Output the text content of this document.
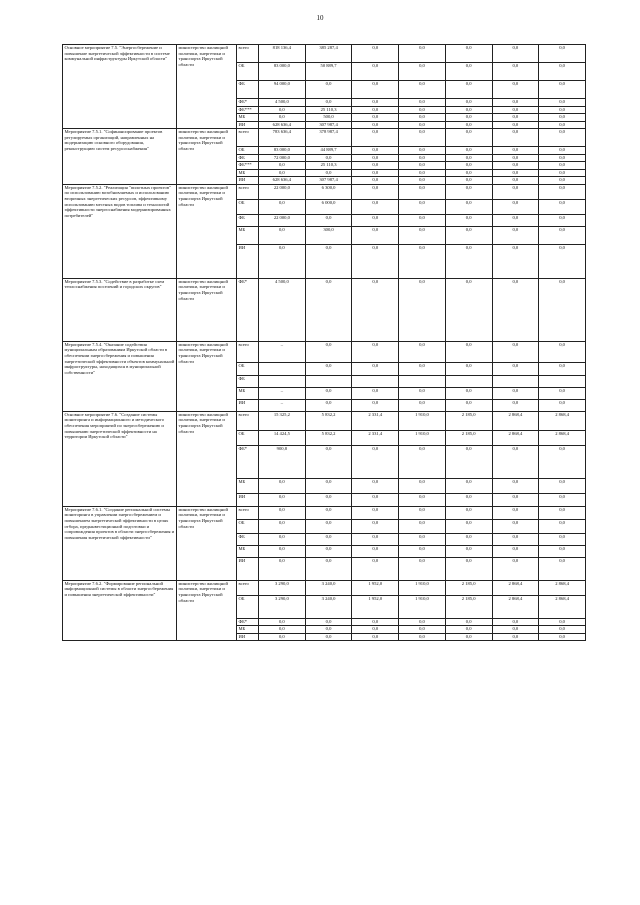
10
Основное мероприятие 7.5. "Энергосбережение и повышение энергетической эффективности в системе коммунальной инфраструктуры Иркутской области"	министерство жилищной политики, энергетики и транспорта Иркутской области	всего	818 136,4	385 287,4	0,0	0,0	0,0	0,0	0,0
		ОБ	83 000,0	50 889,7	0,0	0,0	0,0	0,0	0,0
		ФБ	94 000,0	0,0	0,0	0,0	0,0	0,0	0,0
		ФБ*	4 500,0	0,0	0,0	0,0	0,0	0,0	0,0
		ФБ***	0,0	25 110,3	0,0	0,0	0,0	0,0	0,0
		МБ	0,0	500,0	0,0	0,0	0,0	0,0	0,0
		ИИ	628 636,4	307 987,4	0,0	0,0	0,0	0,0	0,0
Мероприятие 7.5.1. "Софинансирование проектов регулируемых организаций, направленных на модернизацию основного оборудования, реконструкцию систем ресурсоснабжения"	министерство жилищной политики, энергетики и транспорта Иркутской области	всего	783 636,4	378 987,4	0,0	0,0	0,0	0,0	0,0
		ОБ	83 000,0	44 889,7	0,0	0,0	0,0	0,0	0,0
		ФБ	72 000,0	0,0	0,0	0,0	0,0	0,0	0,0
		ФБ***	0,0	25 110,3	0,0	0,0	0,0	0,0	0,0
		МБ	0,0	0,0	0,0	0,0	0,0	0,0	0,0
		ИИ	628 636,4	307 987,4	0,0	0,0	0,0	0,0	0,0
Мероприятие 7.5.2. "Реализация "пилотных проектов" по использованию возобновляемых и использованию вторичных энергетических ресурсов, эффективному использованию местных видов топлива и технологий эффективности энергоснабжения модернизированных потребителей"	министерство жилищной политики, энергетики и транспорта Иркутской области	всего	22 000,0	6 300,0	0,0	0,0	0,0	0,0	0,0
		ОБ	0,0	6 000,0	0,0	0,0	0,0	0,0	0,0
		ФБ	22 000,0	0,0	0,0	0,0	0,0	0,0	0,0
		МБ	0,0	300,0	0,0	0,0	0,0	0,0	0,0
		ИИ	0,0	0,0	0,0	0,0	0,0	0,0	0,0
Мероприятие 7.5.3. "Содействие в разработке схем теплоснабжения поселений и городских округов"	министерство жилищной политики, энергетики и транспорта Иркутской области	ФБ*	4 500,0	0,0	0,0	0,0	0,0	0,0	0,0
Мероприятие 7.5.4. "Оказание содействия муниципальным образованиям Иркутской области в обеспечении энергосбережения и повышения энергетической эффективности объектов коммунальной инфраструктуры, находящихся в муниципальной собственности"	министерство жилищной политики, энергетики и транспорта Иркутской области	всего	–	0,0	0,0	0,0	0,0	0,0	0,0
		ОБ		0,0	0,0	0,0	0,0	0,0	0,0
		ФБ							
		МБ	–	0,0	0,0	0,0	0,0	0,0	0,0
		ИИ	–	0,0	0,0	0,0	0,0	0,0	0,0
Основное мероприятие 7.6. "Создание системы мониторинга и информационного и методического обеспечения мероприятий по энергосбережению и повышению энергетической эффективности на территории Иркутской области"	министерство жилищной политики, энергетики и транспорта Иркутской области	всего	15 325,2	5 832,2	2 331,4	1 910,0	2 185,0	2 868,4	2 868,4
		ОБ	14 424,5	5 832,2	2 331,4	1 910,0	2 185,0	2 868,4	2 868,4
		ФБ*	900,8	0,0	0,0	0,0	0,0	0,0	0,0
		МБ	0,0	0,0	0,0	0,0	0,0	0,0	0,0
		ИИ	0,0	0,0	0,0	0,0	0,0	0,0	0,0
Мероприятие 7.6.1. "Создание региональной системы мониторинга в управлении энергосбережением и повышением энергетической эффективности в целях отбора, предынвестиционной подготовки и сопровождения проектов в области энергосбережения и повышения энергетической эффективности"	министерство жилищной политики, энергетики и транспорта Иркутской области	всего	0,0	0,0	0,0	0,0	0,0	0,0	0,0
		ОБ	0,0	0,0	0,0	0,0	0,0	0,0	0,0
		ФБ	0,0	0,0	0,0	0,0	0,0	0,0	0,0
		МБ	0,0	0,0	0,0	0,0	0,0	0,0	0,0
		ИИ	0,0	0,0	0,0	0,0	0,0	0,0	0,0
Мероприятие 7.6.2. "Формирование региональной информационной системы в области энергосбережения и повышения энергетической эффективности"	министерство жилищной политики, энергетики и транспорта Иркутской области	всего	3 290,0	3 240,0	1 952,0	1 910,0	2 185,0	2 868,4	2 868,4
		ОБ	3 290,0	3 240,0	1 952,0	1 910,0	2 185,0	2 868,4	2 868,4
		ФБ*	0,0	0,0	0,0	0,0	0,0	0,0	0,0
		МБ	0,0	0,0	0,0	0,0	0,0	0,0	0,0
		ИИ	0,0	0,0	0,0	0,0	0,0	0,0	0,0
